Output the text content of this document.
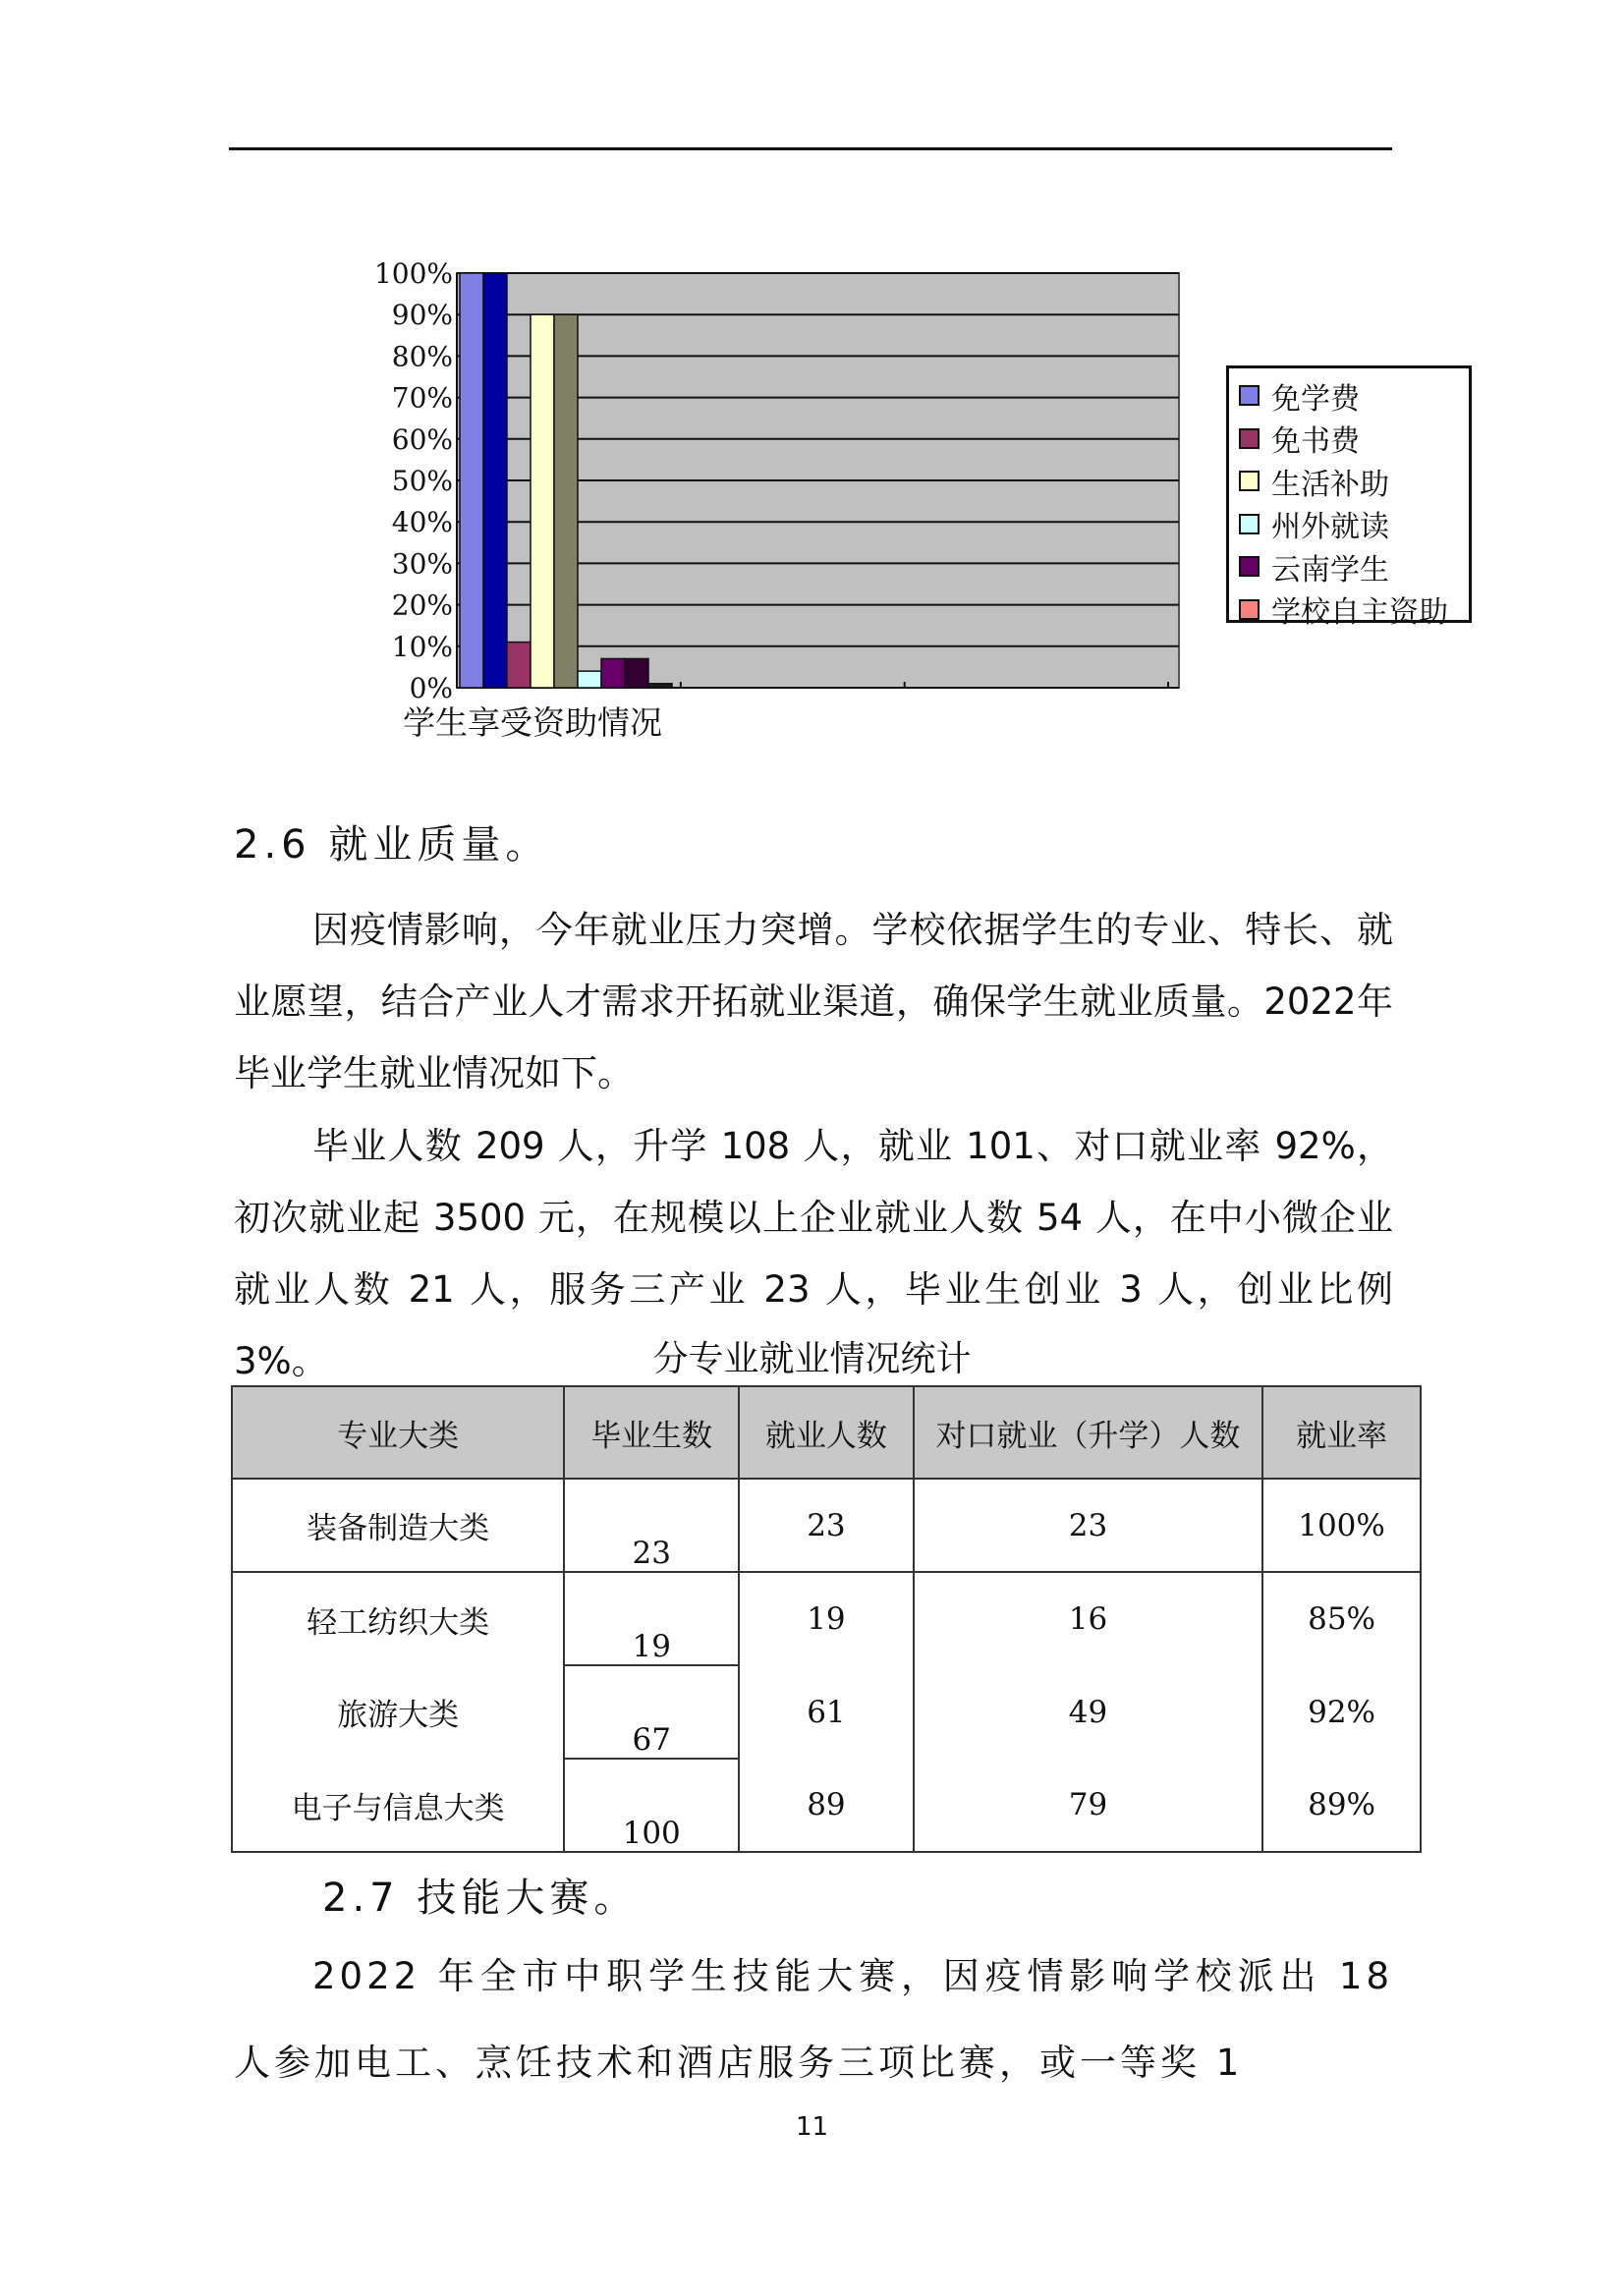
0%
10%
20%
30%
40%
50%
60%
70%
80%
90%
100%
免学费
免书费
生活补助
州外就读
云南学生
学校自主资助
学生享受资助情况
2.6 就业质量。

因疫情影响，今年就业压力突增。学校依据学生的专业、特长、就业愿望，结合产业人才需求开拓就业渠道，确保学生就业质量。2022年毕业学生就业情况如下。

毕业人数 209 人，升学 108 人，就业 101、对口就业率 92%，初次就业起 3500 元，在规模以上企业就业人数 54 人，在中小微企业就业人数 21 人，服务三产业 23 人，毕业生创业 3 人，创业比例 3%。	分专业就业情况统计
专业大类	毕业生数	就业人数	对口就业（升学）人数	就业率
装备制造大类	23	23	23	100%
轻工纺织大类	19	19	16	85%
旅游大类	67	61	49	92%
电子与信息大类	100	89	79	89%
2.7 技能大赛。

2022 年全市中职学生技能大赛，因疫情影响学校派出 18 人参加电工、烹饪技术和酒店服务三项比赛，或一等奖 1

11
